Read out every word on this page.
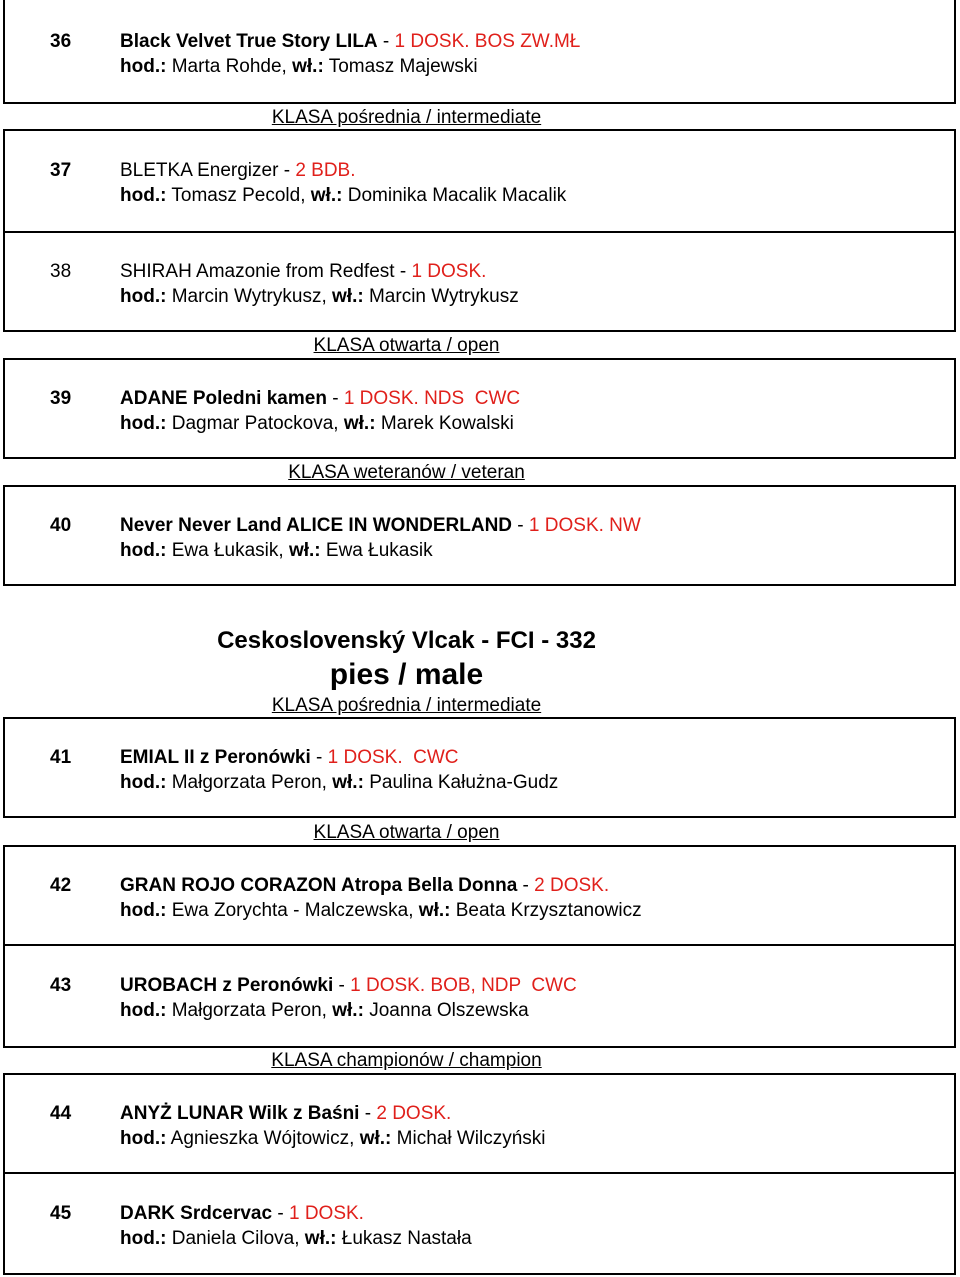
36	Black Velvet True Story LILA - 1 DOSK. BOS ZW.MŁ
hod.: Marta Rohde, wł.: Tomasz Majewski
KLASA pośrednia / intermediate
37	BLETKA Energizer - 2 BDB.
hod.: Tomasz Pecold, wł.: Dominika Macalik Macalik
38	SHIRAH Amazonie from Redfest - 1 DOSK.
hod.: Marcin Wytrykusz, wł.: Marcin Wytrykusz
KLASA otwarta / open
39	ADANE Poledni kamen - 1 DOSK. NDS  CWC
hod.: Dagmar Patockova, wł.: Marek Kowalski
KLASA weteranów / veteran
40	Never Never Land ALICE IN WONDERLAND - 1 DOSK. NW
hod.: Ewa Łukasik, wł.: Ewa Łukasik
Ceskoslovenský Vlcak - FCI - 332
pies / male
KLASA pośrednia / intermediate
41	EMIAL II z Peronówki - 1 DOSK.  CWC
hod.: Małgorzata Peron, wł.: Paulina Kałużna-Gudz
KLASA otwarta / open
42	GRAN ROJO CORAZON Atropa Bella Donna - 2 DOSK.
hod.: Ewa Zorychta - Malczewska, wł.: Beata Krzysztanowicz
43	UROBACH z Peronówki - 1 DOSK. BOB, NDP  CWC
hod.: Małgorzata Peron, wł.: Joanna Olszewska
KLASA championów / champion
44	ANYŻ LUNAR Wilk z Baśni - 2 DOSK.
hod.: Agnieszka Wójtowicz, wł.: Michał Wilczyński
45	DARK Srdcervac - 1 DOSK.
hod.: Daniela Cilova, wł.: Łukasz Nastała
